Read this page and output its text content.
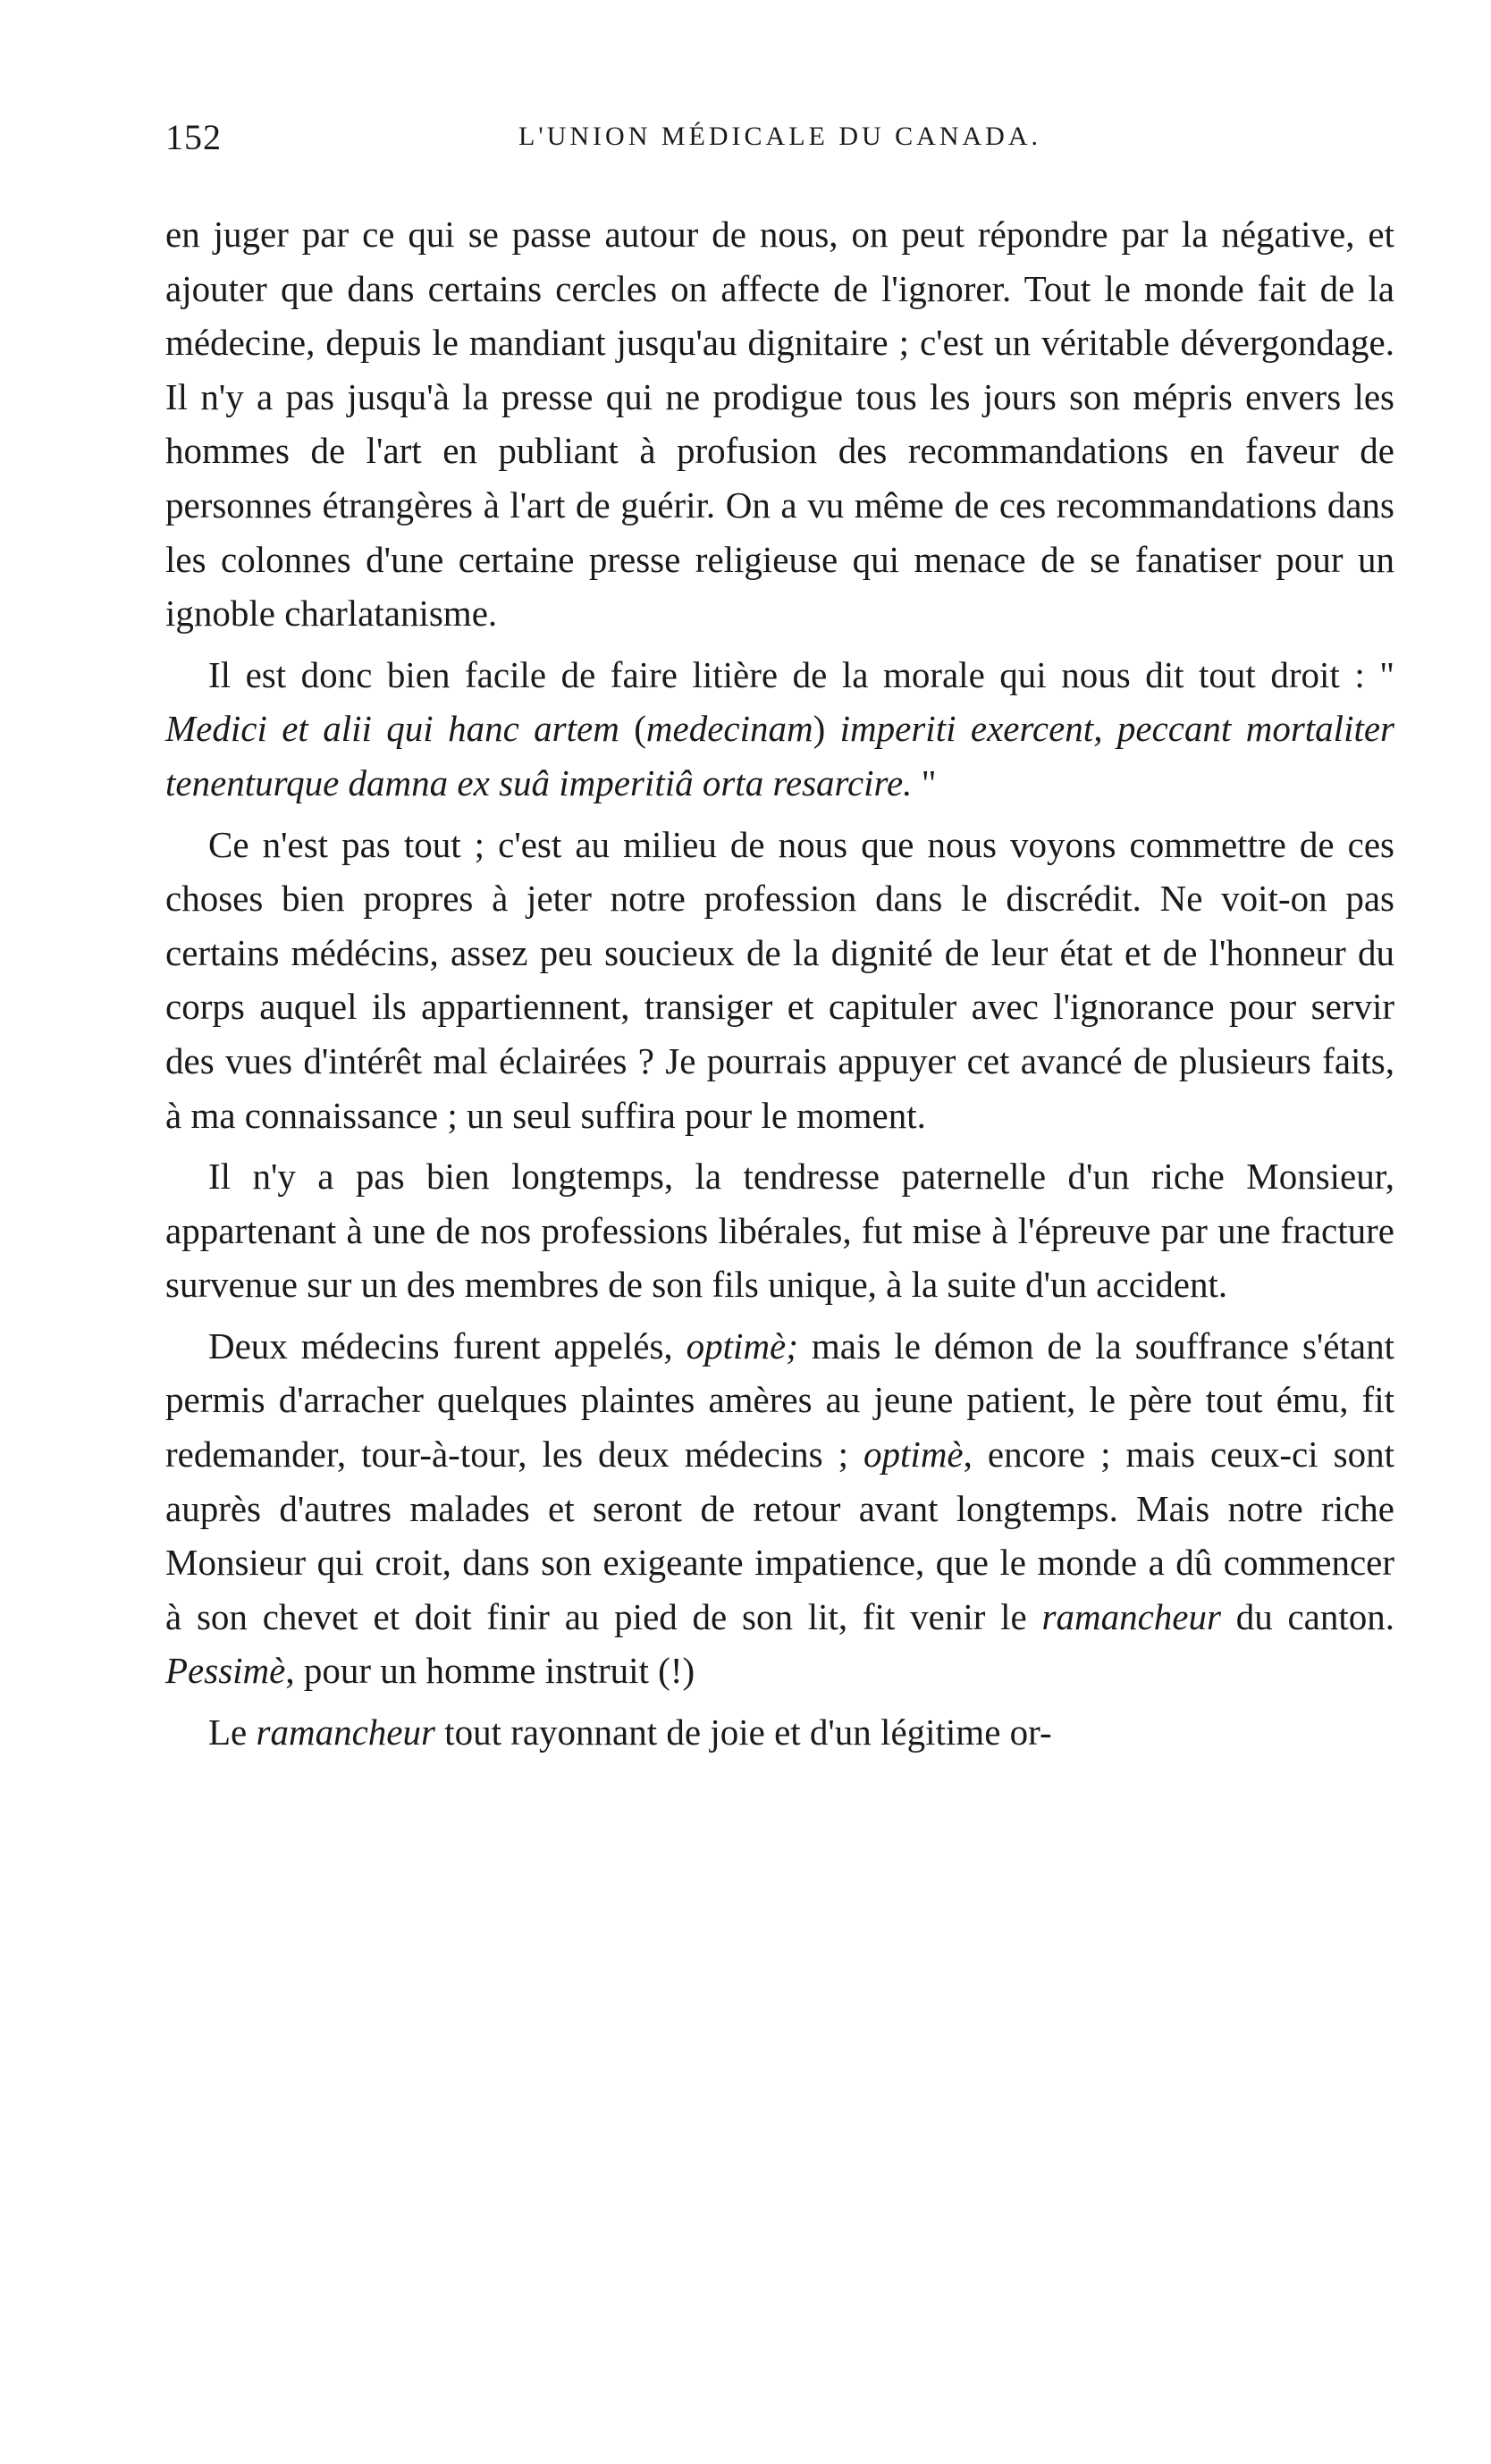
152	L'UNION MÉDICALE DU CANADA.

en juger par ce qui se passe autour de nous, on peut répondre par la négative, et ajouter que dans certains cercles on affecte de l'ignorer. Tout le monde fait de la médecine, depuis le mandiant jusqu'au dignitaire ; c'est un véritable dévergondage. Il n'y a pas jusqu'à la presse qui ne prodigue tous les jours son mépris envers les hommes de l'art en publiant à profusion des recommandations en faveur de personnes étrangères à l'art de guérir. On a vu même de ces recommandations dans les colonnes d'une certaine presse religieuse qui menace de se fanatiser pour un ignoble charlatanisme.

Il est donc bien facile de faire litière de la morale qui nous dit tout droit : " Medici et alii qui hanc artem (medecinam) imperiti exercent, peccant mortaliter tenenturque damna ex suâ imperitiâ orta resarcire. "

Ce n'est pas tout ; c'est au milieu de nous que nous voyons commettre de ces choses bien propres à jeter notre profession dans le discrédit. Ne voit-on pas certains médécins, assez peu soucieux de la dignité de leur état et de l'honneur du corps auquel ils appartiennent, transiger et capituler avec l'ignorance pour servir des vues d'intérêt mal éclairées ? Je pourrais appuyer cet avancé de plusieurs faits, à ma connaissance ; un seul suffira pour le moment.

Il n'y a pas bien longtemps, la tendresse paternelle d'un riche Monsieur, appartenant à une de nos professions libérales, fut mise à l'épreuve par une fracture survenue sur un des membres de son fils unique, à la suite d'un accident.

Deux médecins furent appelés, optimè; mais le démon de la souffrance s'étant permis d'arracher quelques plaintes amères au jeune patient, le père tout ému, fit redemander, tour-à-tour, les deux médecins ; optimè, encore ; mais ceux-ci sont auprès d'autres malades et seront de retour avant longtemps. Mais notre riche Monsieur qui croit, dans son exigeante impatience, que le monde a dû commencer à son chevet et doit finir au pied de son lit, fit venir le ramancheur du canton. Pessimè, pour un homme instruit (!)

Le ramancheur tout rayonnant de joie et d'un légitime or-
